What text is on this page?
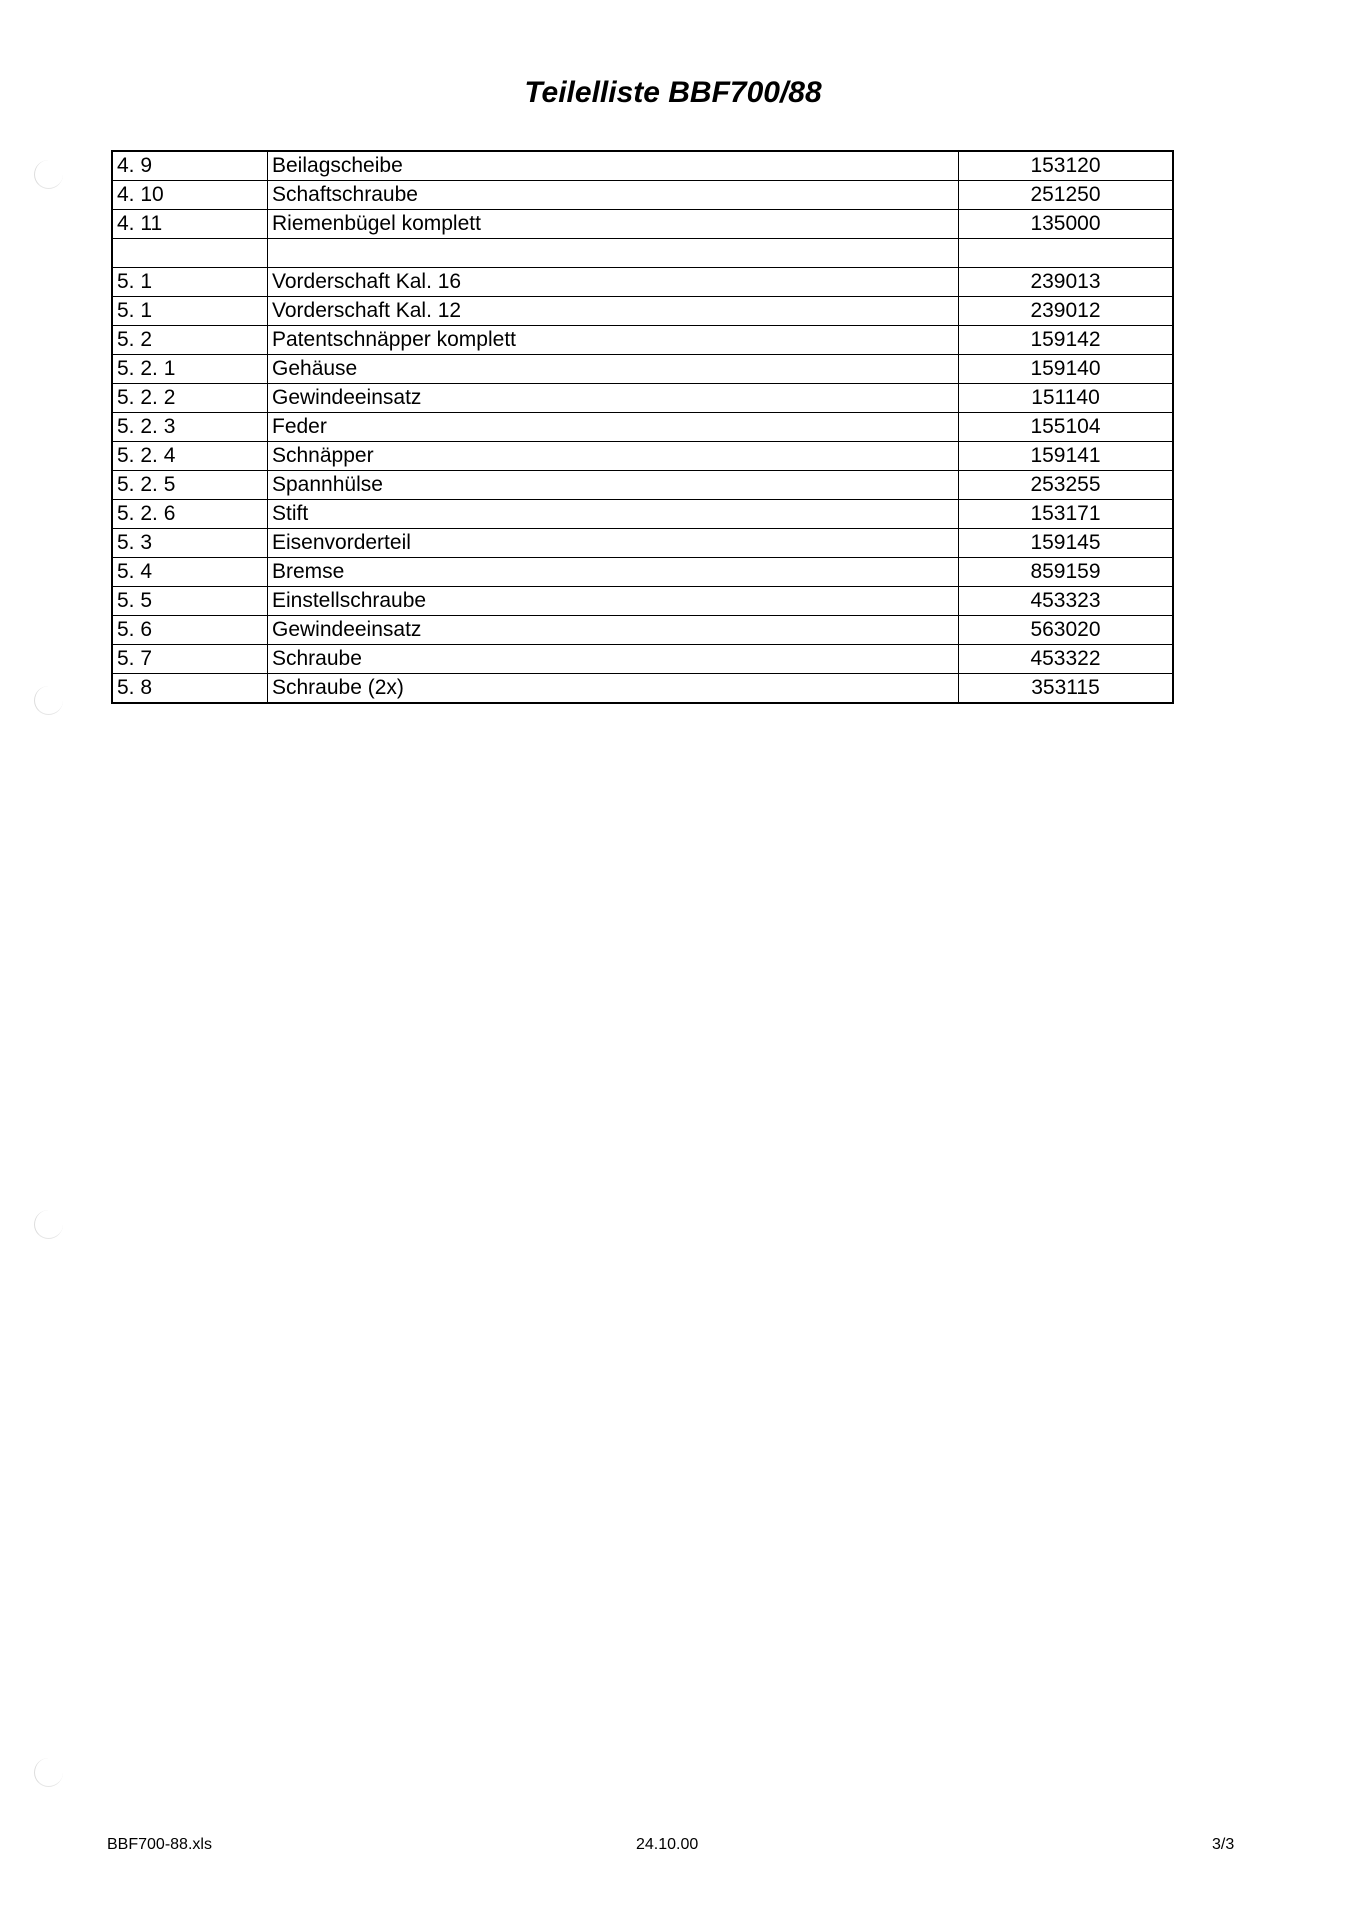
Teilelliste BBF700/88
4. 9	Beilagscheibe	153120
4. 10	Schaftschraube	251250
4. 11	Riemenbügel komplett	135000

5. 1	Vorderschaft Kal. 16	239013
5. 1	Vorderschaft Kal. 12	239012
5. 2	Patentschnäpper komplett	159142
5. 2. 1	Gehäuse	159140
5. 2. 2	Gewindeeinsatz	151140
5. 2. 3	Feder	155104
5. 2. 4	Schnäpper	159141
5. 2. 5	Spannhülse	253255
5. 2. 6	Stift	153171
5. 3	Eisenvorderteil	159145
5. 4	Bremse	859159
5. 5	Einstellschraube	453323
5. 6	Gewindeeinsatz	563020
5. 7	Schraube	453322
5. 8	Schraube (2x)	353115
BBF700-88.xls	24.10.00	3/3
